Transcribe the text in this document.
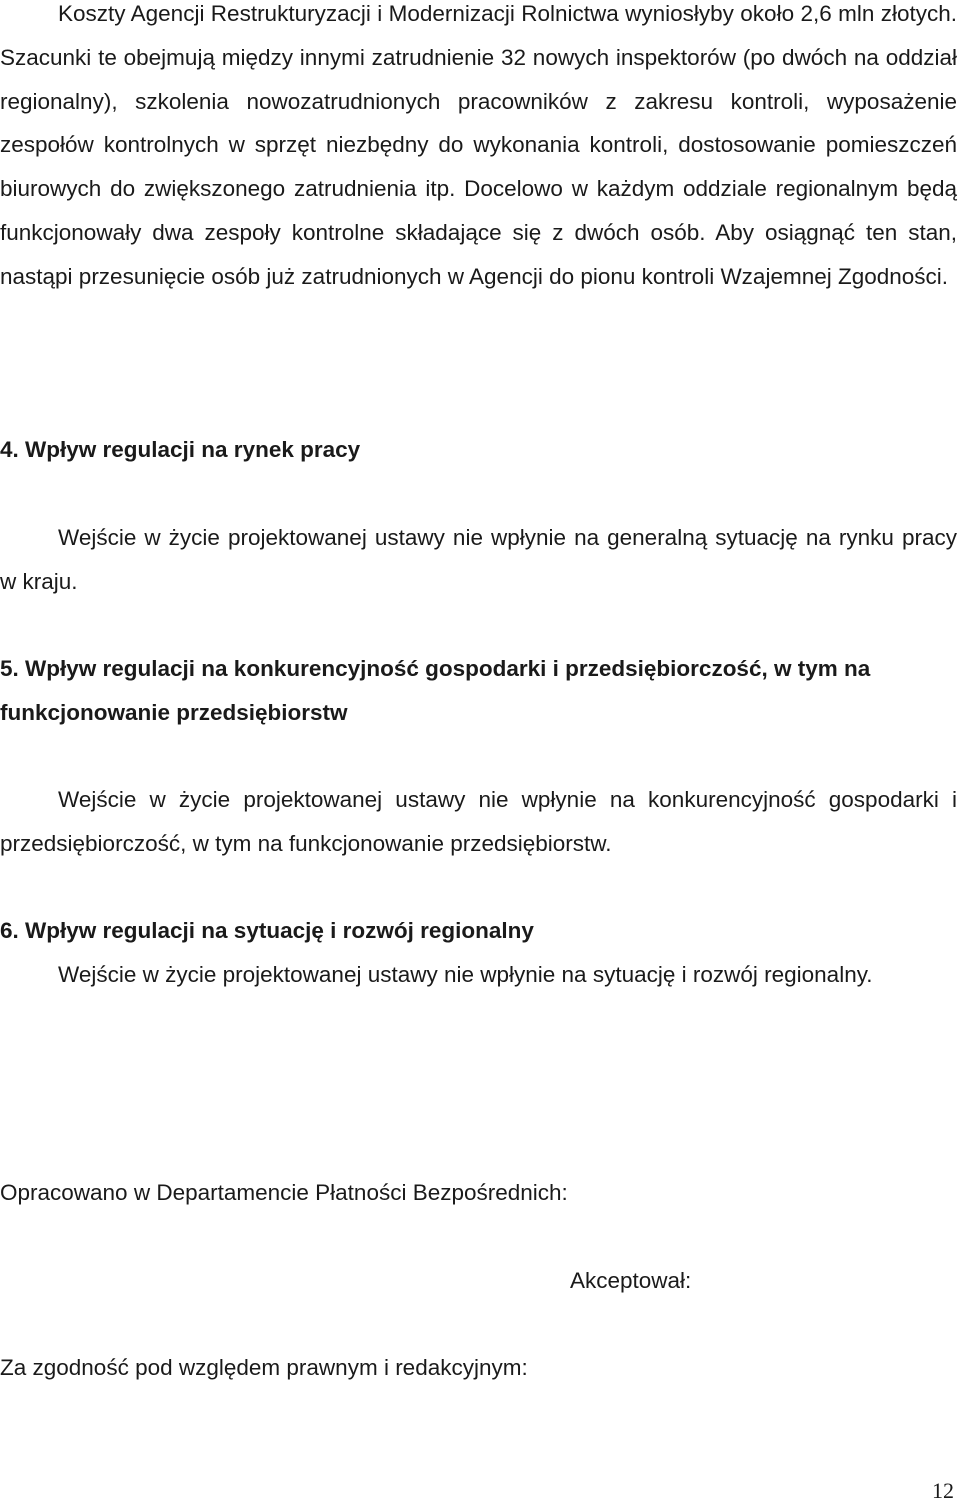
Koszty Agencji Restrukturyzacji i Modernizacji Rolnictwa wyniosłyby około 2,6 mln złotych. Szacunki te obejmują między innymi zatrudnienie 32 nowych inspektorów (po dwóch na oddział regionalny), szkolenia nowozatrudnionych pracowników z zakresu kontroli, wyposażenie zespołów kontrolnych w sprzęt niezbędny do wykonania kontroli, dostosowanie pomieszczeń biurowych do zwiększonego zatrudnienia itp. Docelowo w każdym oddziale regionalnym będą funkcjonowały dwa zespoły kontrolne składające się z dwóch osób. Aby osiągnąć ten stan, nastąpi przesunięcie osób już zatrudnionych w Agencji do pionu kontroli Wzajemnej Zgodności.

4. Wpływ regulacji na rynek pracy

Wejście w życie projektowanej ustawy nie wpłynie na generalną sytuację na rynku pracy w kraju.

5. Wpływ regulacji na konkurencyjność gospodarki i przedsiębiorczość, w tym na funkcjonowanie przedsiębiorstw

Wejście w życie projektowanej ustawy nie wpłynie na konkurencyjność gospodarki i przedsiębiorczość, w tym na funkcjonowanie przedsiębiorstw.

6. Wpływ regulacji na sytuację i rozwój regionalny

Wejście w życie projektowanej ustawy nie wpłynie na sytuację i rozwój regionalny.

Opracowano w Departamencie Płatności Bezpośrednich:

Akceptował:

Za zgodność pod względem prawnym i redakcyjnym:

12
